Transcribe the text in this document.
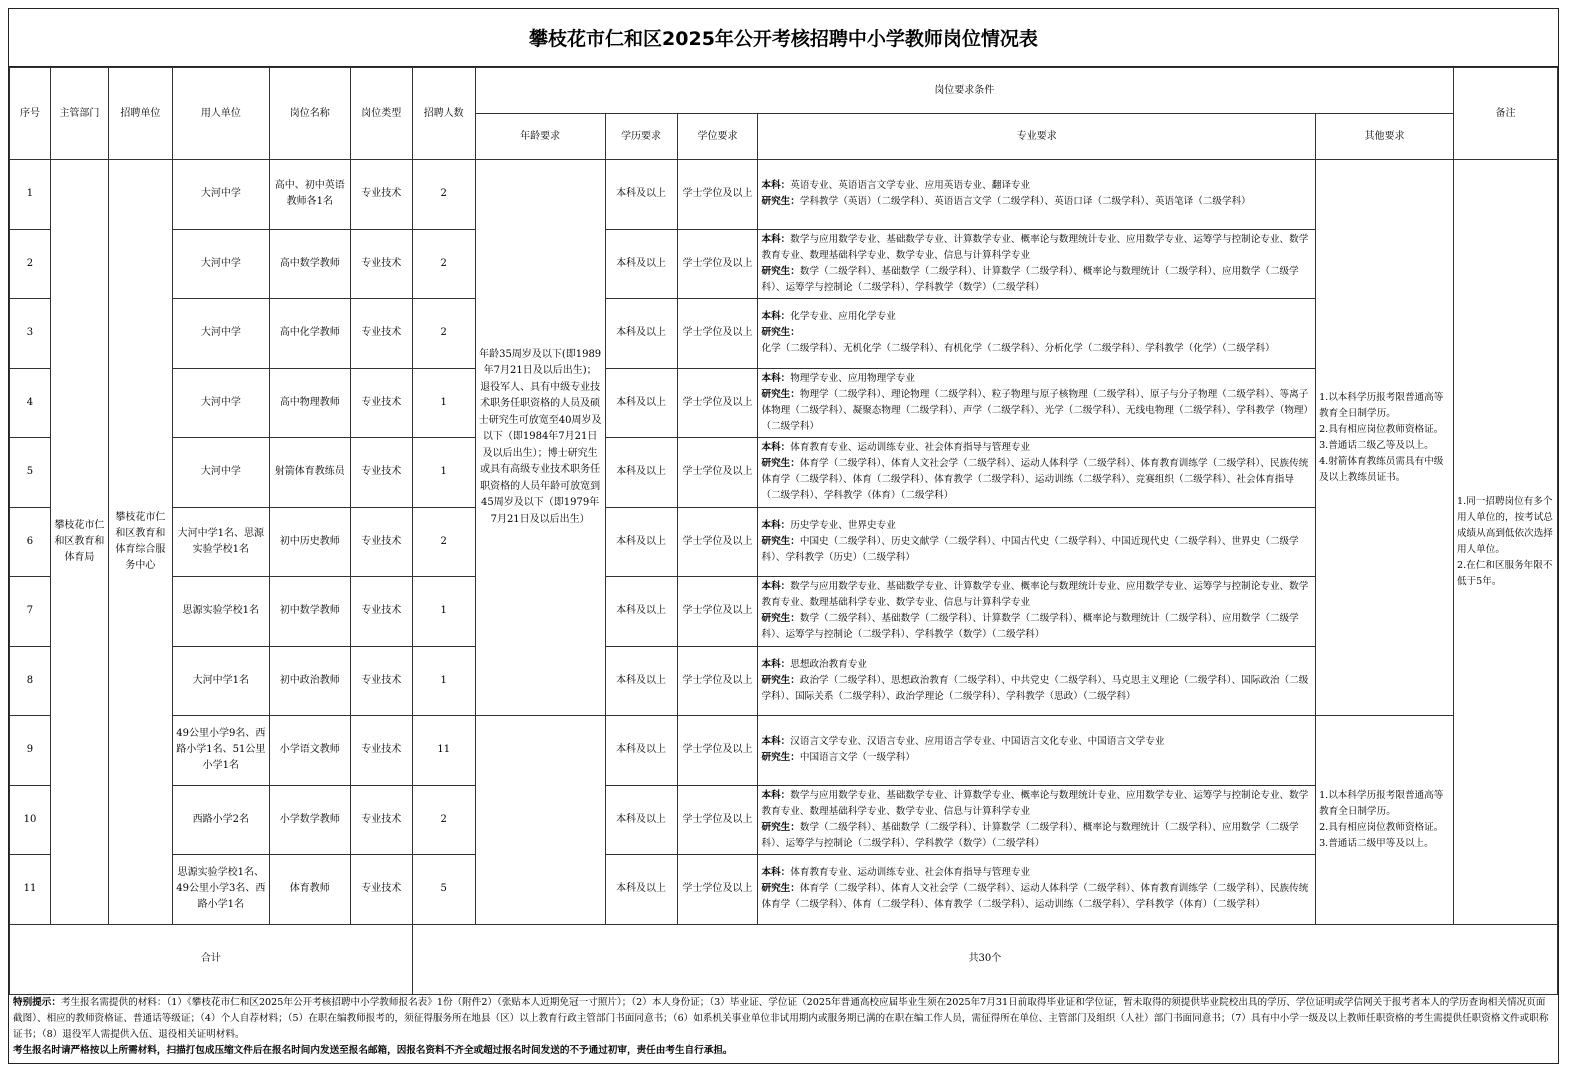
攀枝花市仁和区2025年公开考核招聘中小学教师岗位情况表
序号	主管部门	招聘单位	用人单位	岗位名称	岗位类型	招聘人数	岗位要求条件					备注
							年龄要求	学历要求	学位要求	专业要求	其他要求	
1	攀枝花市仁和区教育和体育局	攀枝花市仁和区教育和体育综合服务中心	大河中学	高中、初中英语教师各1名	专业技术	2	年龄35周岁及以下(即1989年7月21日及以后出生)；退役军人、具有中级专业技术职务任职资格的人员及硕士研究生可放宽至40周岁及以下（即1984年7月21日及以后出生）；博士研究生或具有高级专业技术职务任职资格的人员年龄可放宽到45周岁及以下（即1979年7月21日及以后出生）	本科及以上	学士学位及以上	本科：英语专业、英语语言文学专业、应用英语专业、翻译专业
研究生：学科教学（英语）（二级学科）、英语语言文学（二级学科）、英语口译（二级学科）、英语笔译（二级学科）	1.以本科学历报考限普通高等教育全日制学历。
2.具有相应岗位教师资格证。
3.普通话二级乙等及以上。
4.射箭体育教练员需具有中级及以上教练员证书。	1.同一招聘岗位有多个用人单位的，按考试总成绩从高到低依次选择用人单位。
2.在仁和区服务年限不低于5年。
2			大河中学	高中数学教师	专业技术	2		本科及以上	学士学位及以上	本科：数学与应用数学专业、基础数学专业、计算数学专业、概率论与数理统计专业、应用数学专业、运筹学与控制论专业、数学教育专业、数理基础科学专业、数学专业、信息与计算科学专业
研究生：数学（二级学科）、基础数学（二级学科）、计算数学（二级学科）、概率论与数理统计（二级学科）、应用数学（二级学科）、运筹学与控制论（二级学科）、学科教学（数学）（二级学科）		
3			大河中学	高中化学教师	专业技术	2		本科及以上	学士学位及以上	本科：化学专业、应用化学专业
研究生：化学（二级学科）、无机化学（二级学科）、有机化学（二级学科）、分析化学（二级学科）、学科教学（化学）（二级学科）		
4			大河中学	高中物理教师	专业技术	1		本科及以上	学士学位及以上	本科：物理学专业、应用物理学专业
研究生：物理学（二级学科）、理论物理（二级学科）、粒子物理与原子核物理（二级学科）、原子与分子物理（二级学科）、等离子体物理（二级学科）、凝聚态物理（二级学科）、声学（二级学科）、光学（二级学科）、无线电物理（二级学科）、学科教学（物理）（二级学科）		
5			大河中学	射箭体育教练员	专业技术	1		本科及以上	学士学位及以上	本科：体育教育专业、运动训练专业、社会体育指导与管理专业
研究生：体育学（二级学科）、体育人文社会学（二级学科）、运动人体科学（二级学科）、体育教育训练学（二级学科）、民族传统体育学（二级学科）、体育（二级学科）、体育教学（二级学科）、运动训练（二级学科）、竞赛组织（二级学科）、社会体育指导（二级学科）、学科教学（体育）（二级学科）		
6			大河中学1名、思源实验学校1名	初中历史教师	专业技术	2		本科及以上	学士学位及以上	本科：历史学专业、世界史专业
研究生：中国史（二级学科）、历史文献学（二级学科）、中国古代史（二级学科）、中国近现代史（二级学科）、世界史（二级学科）、学科教学（历史）（二级学科）		
7			思源实验学校1名	初中数学教师	专业技术	1		本科及以上	学士学位及以上	本科：数学与应用数学专业、基础数学专业、计算数学专业、概率论与数理统计专业、应用数学专业、运筹学与控制论专业、数学教育专业、数理基础科学专业、数学专业、信息与计算科学专业
研究生：数学（二级学科）、基础数学（二级学科）、计算数学（二级学科）、概率论与数理统计（二级学科）、应用数学（二级学科）、运筹学与控制论（二级学科）、学科教学（数学）（二级学科）		
8			大河中学1名	初中政治教师	专业技术	1		本科及以上	学士学位及以上	本科：思想政治教育专业
研究生：政治学（二级学科）、思想政治教育（二级学科）、中共党史（二级学科）、马克思主义理论（二级学科）、国际政治（二级学科）、国际关系（二级学科）、政治学理论（二级学科）、学科教学（思政）（二级学科）		
9			49公里小学9名、西路小学1名、51公里小学1名	小学语文教师	专业技术	11		本科及以上	学士学位及以上	本科：汉语言文学专业、汉语言专业、应用语言学专业、中国语言文化专业、中国语言文学专业
研究生：中国语言文学（一级学科）	1.以本科学历报考限普通高等教育全日制学历。
2.具有相应岗位教师资格证。
3.普通话二级甲等及以上。	
10			西路小学2名	小学数学教师	专业技术	2		本科及以上	学士学位及以上	本科：数学与应用数学专业、基础数学专业、计算数学专业、概率论与数理统计专业、应用数学专业、运筹学与控制论专业、数学教育专业、数理基础科学专业、数学专业、信息与计算科学专业
研究生：数学（二级学科）、基础数学（二级学科）、计算数学（二级学科）、概率论与数理统计（二级学科）、应用数学（二级学科）、运筹学与控制论（二级学科）、学科教学（数学）（二级学科）		
11			思源实验学校1名、49公里小学3名、西路小学1名	体育教师	专业技术	5		本科及以上	学士学位及以上	本科：体育教育专业、运动训练专业、社会体育指导与管理专业
研究生：体育学（二级学科）、体育人文社会学（二级学科）、运动人体科学（二级学科）、体育教育训练学（二级学科）、民族传统体育学（二级学科）、体育（二级学科）、体育教学（二级学科）、运动训练（二级学科）、学科教学（体育）（二级学科）		
合计						共30个						
特别提示：考生报名需提供的材料：（1）《攀枝花市仁和区2025年公开考核招聘中小学教师报名表》1份（附件2）（张贴本人近期免冠一寸照片）；（2）本人身份证；（3）毕业证、学位证（2025年普通高校应届毕业生须在2025年7月31日前取得毕业证和学位证，暂未取得的须提供毕业院校出具的学历、学位证明或学信网关于报考者本人的学历查询相关情况页面截图）、相应的教师资格证、普通话等级证；（4）个人自荐材料；（5）在职在编教师报考的，须征得服务所在地县（区）以上教育行政主管部门书面同意书；（6）如系机关事业单位非试用期内或服务期已满的在职在编工作人员，需征得所在单位、主管部门及组织（人社）部门书面同意书；（7）具有中小学一级及以上教师任职资格的考生需提供任职资格文件或职称证书；（8）退役军人需提供入伍、退役相关证明材料。
考生报名时请严格按以上所需材料，扫描打包成压缩文件后在报名时间内发送至报名邮箱，因报名资料不齐全或超过报名时间发送的不予通过初审，责任由考生自行承担。
